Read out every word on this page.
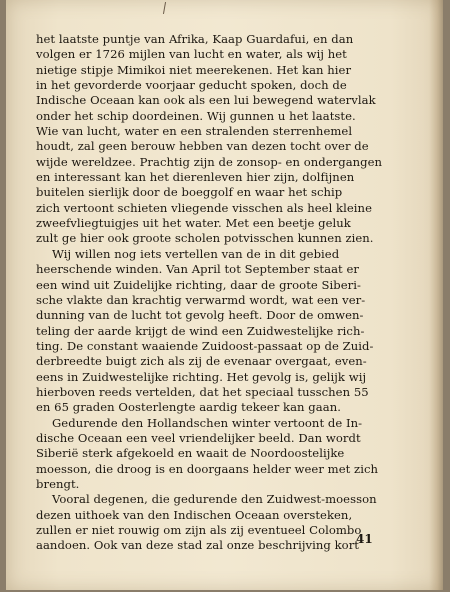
het laatste puntje van Afrika, Kaap Guardafui, en dan
volgen er 1726 mijlen van lucht en water, als wij het
nietige stipje Mimikoi niet meerekenen. Het kan hier
in het gevorderde voorjaar geducht spoken, doch de
Indische Oceaan kan ook als een lui bewegend watervlak
onder het schip doordeinen. Wij gunnen u het laatste.
Wie van lucht, water en een stralenden sterrenhemel
houdt, zal geen berouw hebben van dezen tocht over de
wijde wereldzee. Prachtig zijn de zonsop- en ondergangen
en interessant kan het dierenleven hier zijn, dolfijnen
buitelen sierlijk door de boeggolf en waar het schip
zich vertoont schieten vliegende visschen als heel kleine
zweefvliegtuigjes uit het water. Met een beetje geluk
zult ge hier ook groote scholen potvisschen kunnen zien.
Wij willen nog iets vertellen van de in dit gebied
heerschende winden. Van April tot September staat er
een wind uit Zuidelijke richting, daar de groote Siberi-
sche vlakte dan krachtig verwarmd wordt, wat een ver-
dunning van de lucht tot gevolg heeft. Door de omwen-
teling der aarde krijgt de wind een Zuidwestelijke rich-
ting. De constant waaiende Zuidoost-passaat op de Zuid-
derbreedte buigt zich als zij de evenaar overgaat, even-
eens in Zuidwestelijke richting. Het gevolg is, gelijk wij
hierboven reeds vertelden, dat het speciaal tusschen 55
en 65 graden Oosterlengte aardig tekeer kan gaan.
Gedurende den Hollandschen winter vertoont de In-
dische Oceaan een veel vriendelijker beeld. Dan wordt
Siberië sterk afgekoeld en waait de Noordoostelijke
moesson, die droog is en doorgaans helder weer met zich
brengt.
Vooral degenen, die gedurende den Zuidwest-moesson
dezen uithoek van den Indischen Oceaan oversteken,
zullen er niet rouwig om zijn als zij eventueel Colombo
aandoen. Ook van deze stad zal onze beschrijving kort
41
